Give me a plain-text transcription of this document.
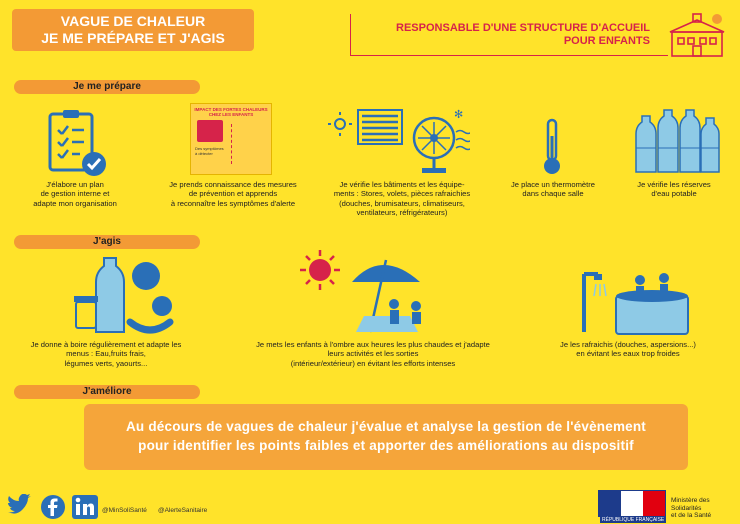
VAGUE DE CHALEUR
JE ME PRÉPARE ET J'AGIS
RESPONSABLE D'UNE STRUCTURE D'ACCUEIL
POUR ENFANTS
Je me prépare
J'agis
J'améliore
IMPACT DES FORTES CHALEURS
CHEZ LES ENFANTS
Des symptômes
à détecter
✻
J'élabore un plan
de gestion interne et
adapte mon organisation
Je prends connaissance des mesures
de prévention et apprends
à reconnaître les symptômes d'alerte
Je vérifie les bâtiments et les équipe-
ments : Stores, volets, pièces rafraichies
(douches, brumisateurs, climatiseurs,
ventilateurs, réfrigérateurs)
Je place un thermomètre
dans chaque salle
Je vérifie les réserves
d'eau potable
Je donne à boire régulièrement et adapte les
menus : Eau,fruits frais,
légumes verts, yaourts...
Je mets les enfants à l'ombre aux heures les plus chaudes et j'adapte
leurs activités et les sorties
(intérieur/extérieur) en évitant les efforts intenses
Je les rafraichis (douches, aspersions...)
en évitant les eaux trop froides
Au décours de vagues de chaleur j'évalue et analyse la gestion de l'évènement
pour identifier les points faibles et apporter des améliorations au dispositif
@MinSoliSanté @AlerteSanitaire
RÉPUBLIQUE FRANÇAISE
Ministère des Solidarités
et de la Santé
